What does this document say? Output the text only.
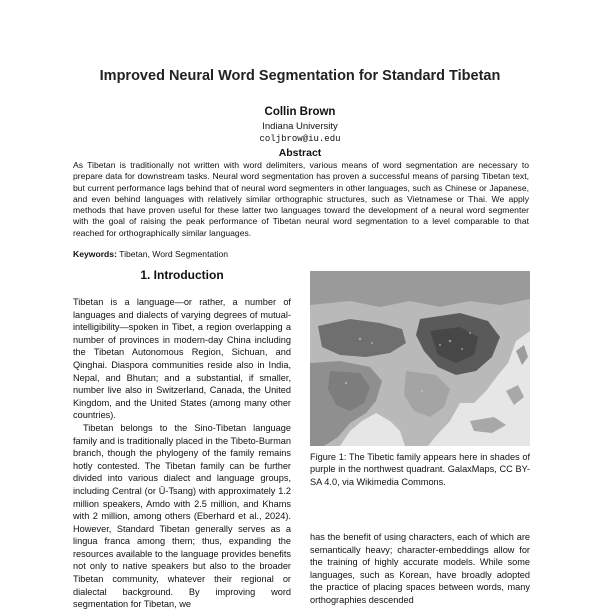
Improved Neural Word Segmentation for Standard Tibetan
Collin Brown
Indiana University
coljbrow@iu.edu
Abstract
As Tibetan is traditionally not written with word delimiters, various means of word segmentation are necessary to prepare data for downstream tasks. Neural word segmentation has proven a successful means of parsing Tibetan text, but current performance lags behind that of neural word segmenters in other languages, such as Chinese or Japanese, and even behind languages with relatively similar orthographic structures, such as Vietnamese or Thai. We apply methods that have proven useful for these latter two languages toward the development of a neural word segmenter with the goal of raising the peak performance of Tibetan neural word segmentation to a level comparable to that reached for orthographically similar languages.
Keywords: Tibetan, Word Segmentation
1. Introduction

Tibetan is a language—or rather, a number of languages and dialects of varying degrees of mutual-intelligibility—spoken in Tibet, a region overlapping a number of provinces in modern-day China including the Tibetan Autonomous Region, Sichuan, and Qinghai. Diaspora communities reside also in India, Nepal, and Bhutan; and a substantial, if smaller, number live also in Switzerland, Canada, the United Kingdom, and the United States (among many other countries).

Tibetan belongs to the Sino-Tibetan language family and is traditionally placed in the Tibeto-Burman branch, though the phylogeny of the family remains hotly contested. The Tibetan family can be further divided into various dialect and language groups, including Central (or Ü-Tsang) with approximately 1.2 million speakers, Amdo with 2.5 million, and Khams with 2 million, among others (Eberhard et al., 2024). However, Standard Tibetan generally serves as a lingua franca among them; thus, expanding the resources available to the language provides benefits not only to native speakers but also to the broader Tibetan community, whatever their regional or dialectal background. By improving word segmentation for Tibetan, we

Figure 1: The Tibetic family appears here in shades of purple in the northwest quadrant. GalaxMaps, CC BY-SA 4.0, via Wikimedia Commons.

has the benefit of using characters, each of which are semantically heavy; character-embeddings allow for the training of highly accurate models. While some languages, such as Korean, have broadly adopted the practice of placing spaces between words, many orthographies descended
